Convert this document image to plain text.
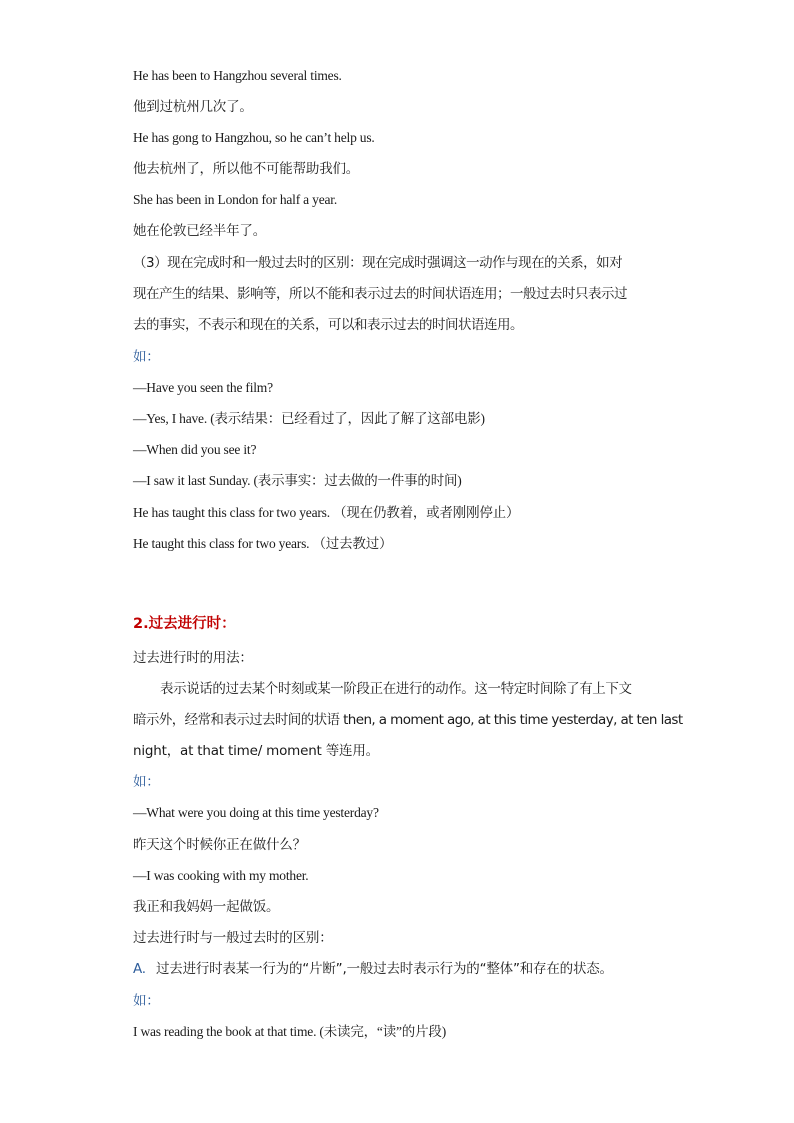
He has been to Hangzhou several times.
他到过杭州几次了。
He has gong to Hangzhou, so he can’t help us.
他去杭州了，所以他不可能帮助我们。
She has been in London for half a year.
她在伦敦已经半年了。
（3）现在完成时和一般过去时的区别：现在完成时强调这一动作与现在的关系，如对
现在产生的结果、影响等，所以不能和表示过去的时间状语连用；一般过去时只表示过
去的事实，不表示和现在的关系，可以和表示过去的时间状语连用。
如：
—Have you seen the film?
—Yes, I have. (表示结果：已经看过了，因此了解了这部电影)
—When did you see it?
—I saw it last Sunday. (表示事实：过去做的一件事的时间)
He has taught this class for two years. （现在仍教着，或者刚刚停止）
He taught this class for two years. （过去教过）
2.过去进行时：
过去进行时的用法：
表示说话的过去某个时刻或某一阶段正在进行的动作。这一特定时间除了有上下文
暗示外，经常和表示过去时间的状语 then, a moment ago, at this time yesterday, at ten last
night，at that time/ moment 等连用。
如：
—What were you doing at this time yesterday?
昨天这个时候你正在做什么？
—I was cooking with my mother.
我正和我妈妈一起做饭。
过去进行时与一般过去时的区别：
A. 过去进行时表某一行为的“片断”,一般过去时表示行为的“整体”和存在的状态。
如：
I was reading the book at that time. (未读完，“读”的片段)
